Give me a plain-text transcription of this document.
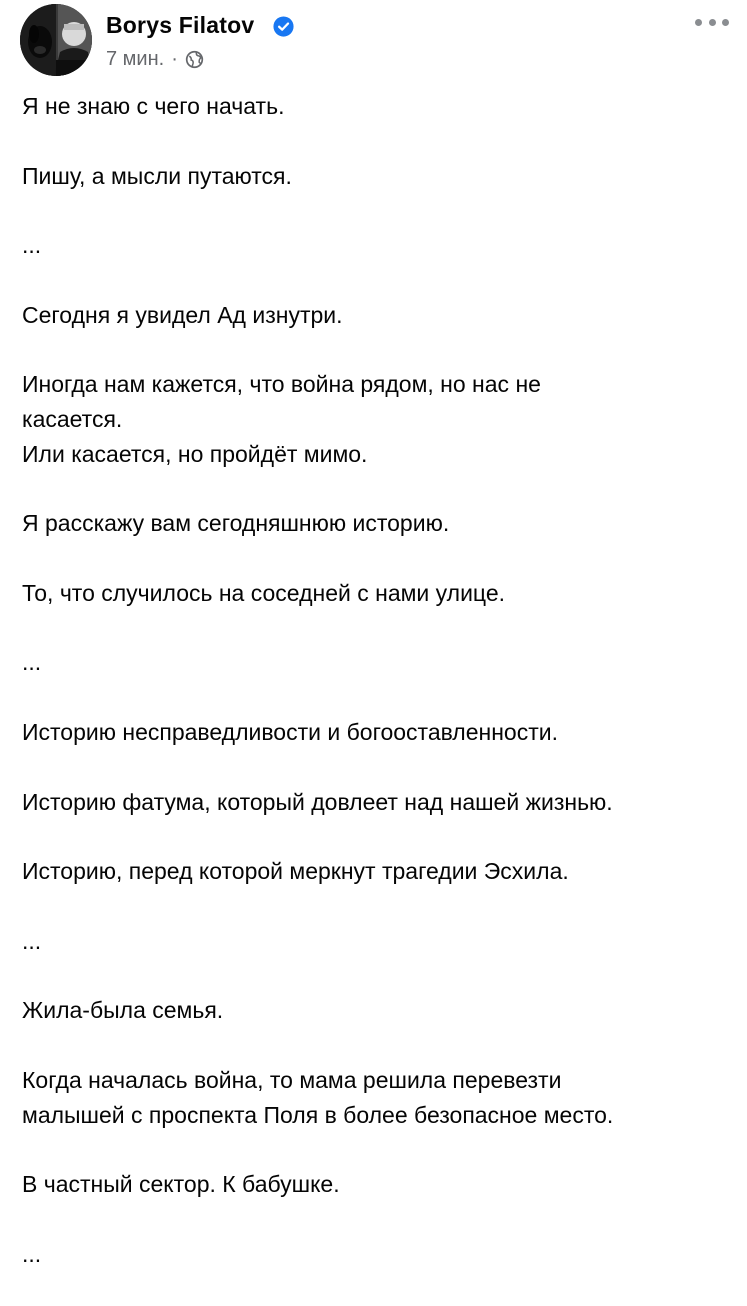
Borys Filatov
7 мин. ·

Я не знаю с чего начать.

Пишу, а мысли путаются.

...

Сегодня я увидел Ад изнутри.

Иногда нам кажется, что война рядом, но нас не
касается.
Или касается, но пройдёт мимо.

Я расскажу вам сегодняшнюю историю.

То, что случилось на соседней с нами улице.

...

Историю несправедливости и богооставленности.

Историю фатума, который довлеет над нашей жизнью.

Историю, перед которой меркнут трагедии Эсхила.

...

Жила-была семья.

Когда началась война, то мама решила перевезти
малышей с проспекта Поля в более безопасное место.

В частный сектор. К бабушке.

...
